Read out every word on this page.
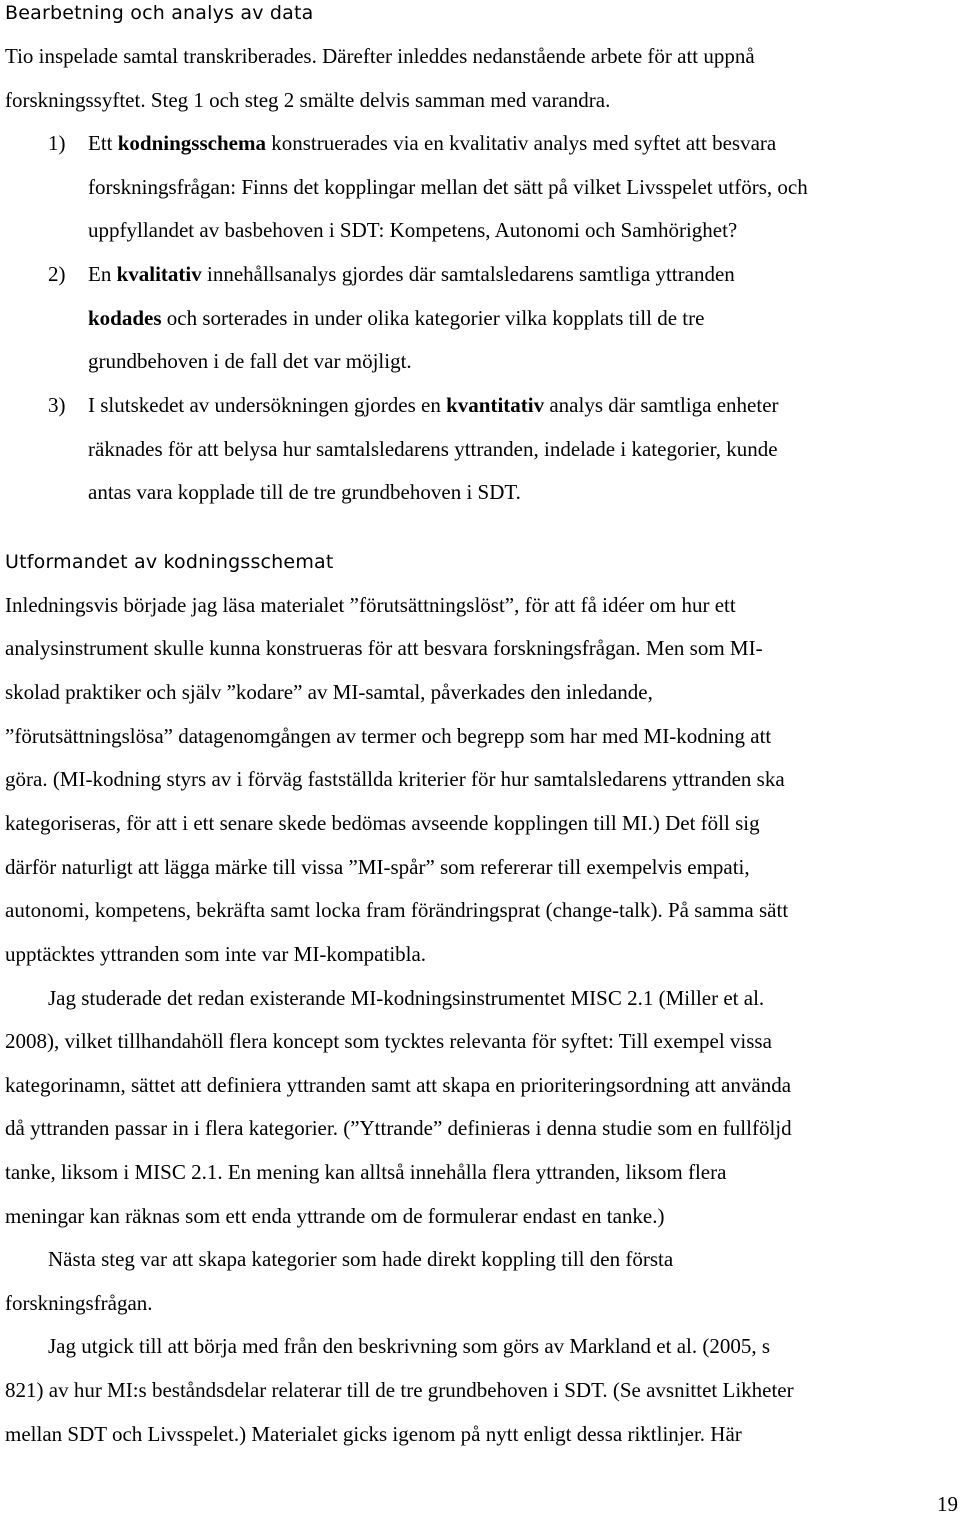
Bearbetning och analys av data
Tio inspelade samtal transkriberades. Därefter inleddes nedanstående arbete för att uppnå
forskningssyftet. Steg 1 och steg 2 smälte delvis samman med varandra.
1) Ett kodningsschema konstruerades via en kvalitativ analys med syftet att besvara
forskningsfrågan: Finns det kopplingar mellan det sätt på vilket Livsspelet utförs, och
uppfyllandet av basbehoven i SDT: Kompetens, Autonomi och Samhörighet?
2) En kvalitativ innehållsanalys gjordes där samtalsledarens samtliga yttranden
kodades och sorterades in under olika kategorier vilka kopplats till de tre
grundbehoven i de fall det var möjligt.
3) I slutskedet av undersökningen gjordes en kvantitativ analys där samtliga enheter
räknades för att belysa hur samtalsledarens yttranden, indelade i kategorier, kunde
antas vara kopplade till de tre grundbehoven i SDT.
Utformandet av kodningsschemat
Inledningsvis började jag läsa materialet ”förutsättningslöst”, för att få idéer om hur ett
analysinstrument skulle kunna konstrueras för att besvara forskningsfrågan. Men som MI-
skolad praktiker och själv ”kodare” av MI-samtal, påverkades den inledande,
”förutsättningslösa” datagenomgången av termer och begrepp som har med MI-kodning att
göra. (MI-kodning styrs av i förväg fastställda kriterier för hur samtalsledarens yttranden ska
kategoriseras, för att i ett senare skede bedömas avseende kopplingen till MI.) Det föll sig
därför naturligt att lägga märke till vissa ”MI-spår” som refererar till exempelvis empati,
autonomi, kompetens, bekräfta samt locka fram förändringsprat (change-talk). På samma sätt
upptäcktes yttranden som inte var MI-kompatibla.
Jag studerade det redan existerande MI-kodningsinstrumentet MISC 2.1 (Miller et al.
2008), vilket tillhandahöll flera koncept som tycktes relevanta för syftet: Till exempel vissa
kategorinamn, sättet att definiera yttranden samt att skapa en prioriteringsordning att använda
då yttranden passar in i flera kategorier. (”Yttrande” definieras i denna studie som en fullföljd
tanke, liksom i MISC 2.1. En mening kan alltså innehålla flera yttranden, liksom flera
meningar kan räknas som ett enda yttrande om de formulerar endast en tanke.)
Nästa steg var att skapa kategorier som hade direkt koppling till den första
forskningsfrågan.
Jag utgick till att börja med från den beskrivning som görs av Markland et al. (2005, s
821) av hur MI:s beståndsdelar relaterar till de tre grundbehoven i SDT. (Se avsnittet Likheter
mellan SDT och Livsspelet.) Materialet gicks igenom på nytt enligt dessa riktlinjer. Här
19
